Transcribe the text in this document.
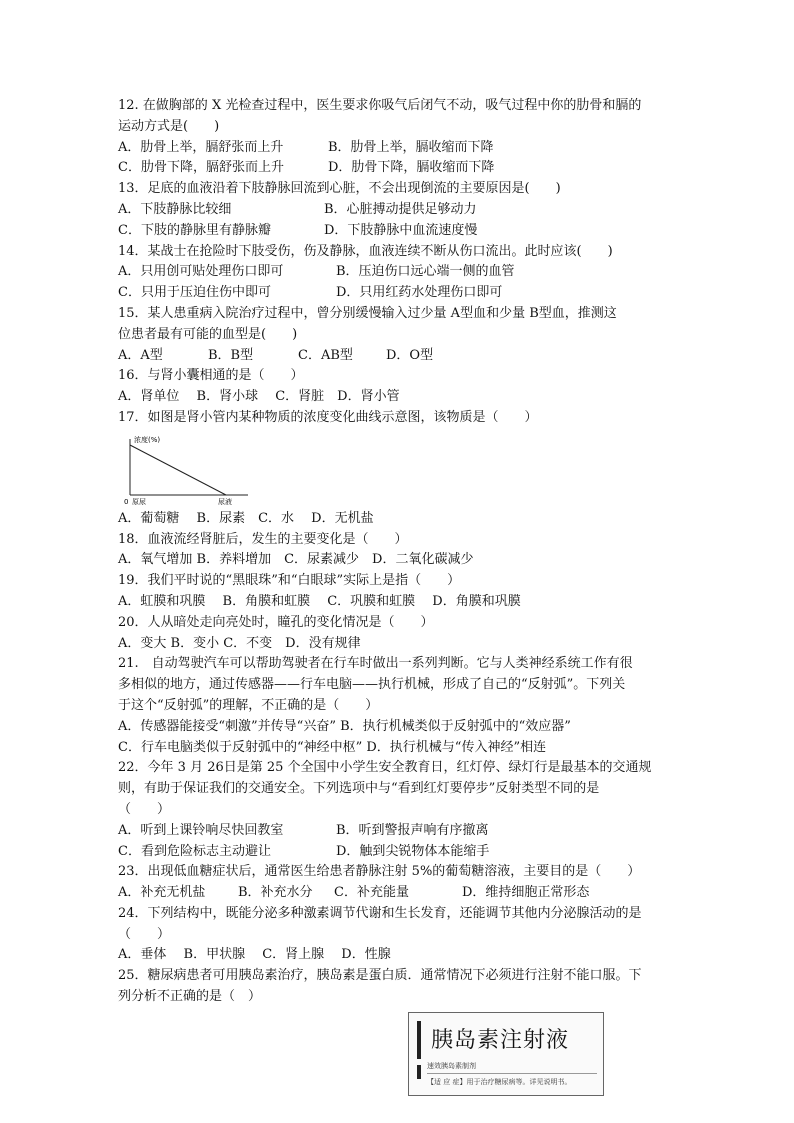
12. 在做胸部的 X 光检查过程中，医生要求你吸气后闭气不动，吸气过程中你的肋骨和膈的
运动方式是(　　)
A．肋骨上举，膈舒张而上升	B．肋骨上举，膈收缩而下降
C．肋骨下降，膈舒张而上升	D．肋骨下降，膈收缩而下降
13．足底的血液沿着下肢静脉回流到心脏，不会出现倒流的主要原因是(　　)
A．下肢静脉比较细	B．心脏搏动提供足够动力
C．下肢的静脉里有静脉瓣	D．下肢静脉中血流速度慢
14．某战士在抢险时下肢受伤，伤及静脉，血液连续不断从伤口流出。此时应该(　　)
A．只用创可贴处理伤口即可	B．压迫伤口远心端一侧的血管
C．只用于压迫住伤中即可	D．只用红药水处理伤口即可
15．某人患重病入院治疗过程中，曾分别缓慢输入过少量 A型血和少量 B型血，推测这
位患者最有可能的血型是(　　)
A．A型	B．B型	C．AB型	D．O型
16．与肾小囊相通的是（　　）
A．肾单位　 B．肾小球　 C．肾脏　D．肾小管
17．如图是肾小管内某种物质的浓度变化曲线示意图，该物质是（　　）
浓度(%)
0 原尿	尿液
A．葡萄糖　 B．尿素　C．水　 D．无机盐
18．血液流经肾脏后，发生的主要变化是（　　）
A．氧气增加 B．养料增加　C．尿素减少　D．二氧化碳减少
19．我们平时说的“黑眼珠”和“白眼球”实际上是指（　　）
A．虹膜和巩膜　 B．角膜和虹膜　 C．巩膜和虹膜　 D．角膜和巩膜
20．人从暗处走向亮处时，瞳孔的变化情况是（　　）
A．变大 B．变小 C．不变　D．没有规律
21.　自动驾驶汽车可以帮助驾驶者在行车时做出一系列判断。它与人类神经系统工作有很
多相似的地方，通过传感器——行车电脑——执行机械，形成了自己的“反射弧”。下列关
于这个“反射弧”的理解，不正确的是（　　）
A．传感器能接受“刺激”并传导“兴奋” B．执行机械类似于反射弧中的“效应器”
C．行车电脑类似于反射弧中的“神经中枢” D．执行机械与“传入神经”相连
22．今年 3 月 26日是第 25 个全国中小学生安全教育日，红灯停、绿灯行是最基本的交通规
则，有助于保证我们的交通安全。下列选项中与“看到红灯要停步”反射类型不同的是
（　　）
A．听到上课铃响尽快回教室	B．听到警报声响有序撤离
C．看到危险标志主动避让	D．触到尖锐物体本能缩手
23．出现低血糖症状后，通常医生给患者静脉注射 5%的葡萄糖溶液，主要目的是（　　）
A．补充无机盐	B．补充水分	C．补充能量	D．维持细胞正常形态
24．下列结构中，既能分泌多种激素调节代谢和生长发育，还能调节其他内分泌腺活动的是
（　　）
A．垂体　 B．甲状腺　 C．肾上腺　 D．性腺
25．糖尿病患者可用胰岛素治疗，胰岛素是蛋白质．通常情况下必须进行注射不能口服。下
列分析不正确的是（　）
胰岛素注射液
速效胰岛素制剂
【适 应 症】用于治疗糖尿病等。详见说明书。
